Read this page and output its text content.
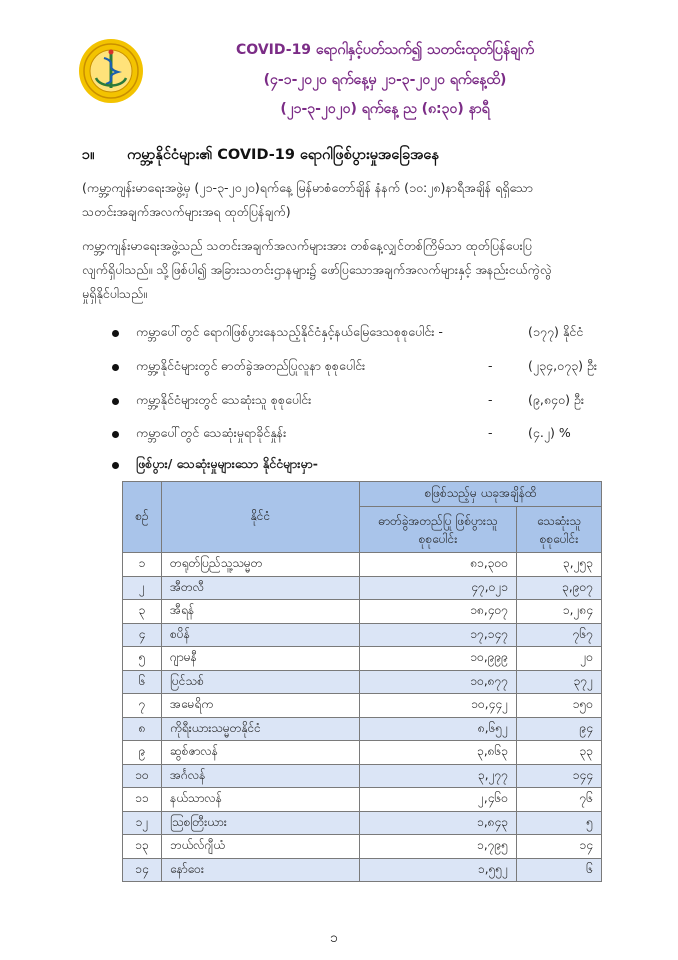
COVID-19 ရောဂါနှင့်ပတ်သက်၍ သတင်းထုတ်ပြန်ချက်
(၄-၁-၂၀၂၀ ရက်နေ့မှ ၂၁-၃-၂၀၂၀ ရက်နေ့ထိ)
(၂၁-၃-၂၀၂၀) ရက်နေ့ ည (၈:၃၀) နာရီ
၁။ ကမ္ဘာ့နိုင်ငံများ၏ COVID-19 ရောဂါဖြစ်ပွားမှုအခြေအနေ
(ကမ္ဘာ့ကျန်းမာရေးအဖွဲ့မှ (၂၁-၃-၂၀၂၀)ရက်နေ့ မြန်မာစံတော်ချိန် နံနက် (၁၀:၂၈)နာရီအချိန် ရရှိသော
သတင်းအချက်အလက်များအရ ထုတ်ပြန်ချက်)
ကမ္ဘာ့ကျန်းမာရေးအဖွဲ့သည် သတင်းအချက်အလက်များအား တစ်နေ့လျှင်တစ်ကြိမ်သာ ထုတ်ပြန်ပေးပြ
လျက်ရှိပါသည်။ သို့ဖြစ်ပါ၍ အခြားသတင်းဌာနများ၌ ဖော်ပြသောအချက်အလက်များနှင့် အနည်းငယ်ကွဲလွဲ
မှုရှိနိုင်ပါသည်။
ကမ္ဘာပေါ်တွင် ရောဂါဖြစ်ပွားနေသည့်နိုင်ငံနှင့်နယ်မြေဒေသစုစုပေါင်း -	(၁၇၇) နိုင်ငံ
ကမ္ဘာ့နိုင်ငံများတွင် ဓာတ်ခွဲအတည်ပြုလူနာ စုစုပေါင်း	-	(၂၃၄,၀၇၃) ဦး
ကမ္ဘာ့နိုင်ငံများတွင် သေဆုံးသူ စုစုပေါင်း	-	(၉,၈၄၀) ဦး
ကမ္ဘာပေါ်တွင် သေဆုံးမှုရာခိုင်နှုန်း	-	(၄.၂) %
ဖြစ်ပွား/ သေဆုံးမှုများသော နိုင်ငံများမှာ-
စဉ်	နိုင်ငံ	စဖြစ်သည့်မှ ယခုအချိန်ထိ	
		ဓာတ်ခွဲအတည်ပြု ဖြစ်ပွားသူ စုစုပေါင်း	သေဆုံးသူ စုစုပေါင်း
၁	တရုတ်ပြည်သူ့သမ္မတ	၈၁,၃၀၀	၃,၂၅၃
၂	အီတလီ	၄၇,၀၂၁	၃,၉၀၇
၃	အီရန်	၁၈,၄၀၇	၁,၂၈၄
၄	စပိန်	၁၇,၁၄၇	၇၆၇
၅	ဂျာမနီ	၁၀,၉၉၉	၂၀
၆	ပြင်သစ်	၁၀,၈၇၇	၃၇၂
၇	အမေရိက	၁၀,၄၄၂	၁၅၀
၈	ကိုရီးယားသမ္မတနိုင်ငံ	၈,၆၅၂	၉၄
၉	ဆွစ်ဇာလန်	၃,၈၆၃	၃၃
၁၀	အင်္ဂလန်	၃,၂၇၇	၁၄၄
၁၁	နယ်သာလန်	၂,၄၆၀	၇၆
၁၂	ဩစတြီးယား	၁,၈၄၃	၅
၁၃	ဘယ်လ်ဂျီယံ	၁,၇၉၅	၁၄
၁၄	နော်ဝေး	၁,၅၅၂	၆
၁
